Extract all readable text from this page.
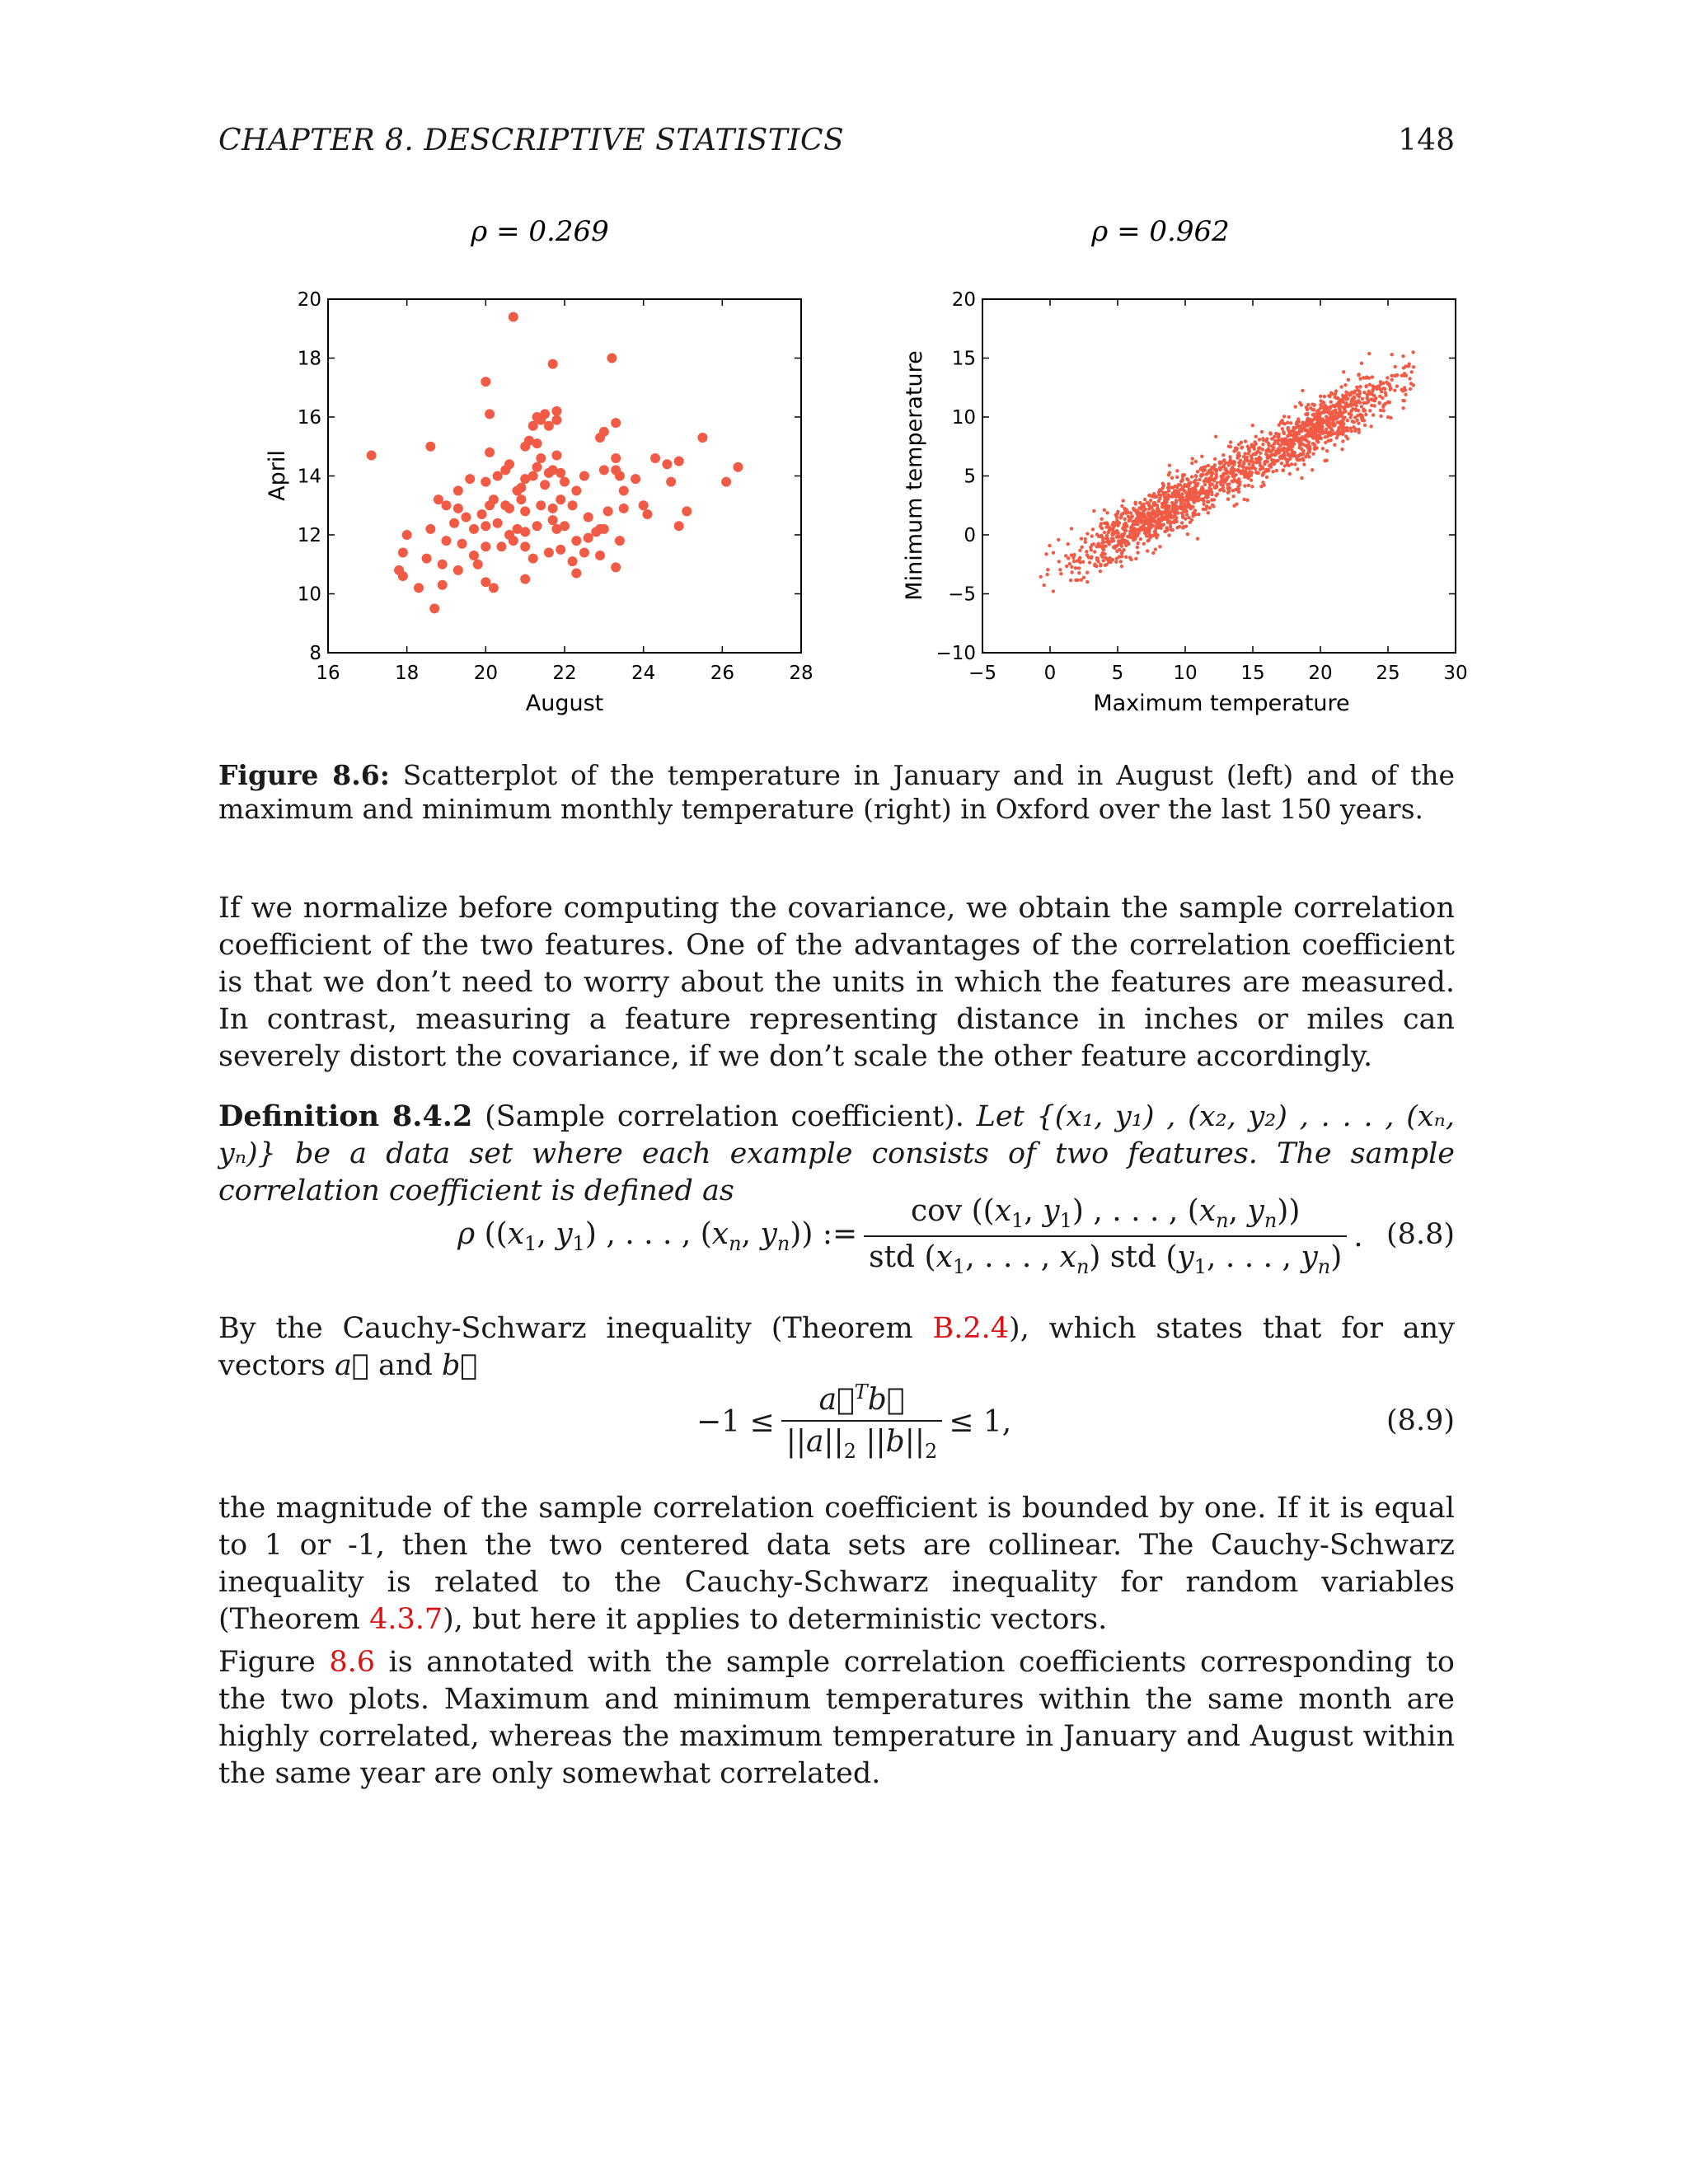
CHAPTER 8. DESCRIPTIVE STATISTICS	148
ρ = 0.269
16	18	20	22	24	26	28
8
10
12
14
16
18
20
August
April
ρ = 0.962
−5	0	5	10 15 20 25 30
−10
−5
0
5
10
15
20
Maximum temperature
Minimum temperature
Figure 8.6: Scatterplot of the temperature in January and in August (left) and of the maximum and minimum monthly temperature (right) in Oxford over the last 150 years.
If we normalize before computing the covariance, we obtain the sample correlation coefficient of the two features. One of the advantages of the correlation coefficient is that we don’t need to worry about the units in which the features are measured. In contrast, measuring a feature representing distance in inches or miles can severely distort the covariance, if we don’t scale the other feature accordingly.
Definition 8.4.2 (Sample correlation coefficient). Let {(x₁, y₁) , (x₂, y₂) , . . . , (xₙ, yₙ)} be a data set where each example consists of two features. The sample correlation coefficient is defined as
ρ (($x_1$, $y_1$) , . . . , ($x_n$, $y_n$)) := $\frac{cov ((x_1, y_1) , . . . , (x_n, y_n))}{std (x_1, . . . , x_n) std (y_1, . . . , y_n)}$ . (8.8)
By the Cauchy-Schwarz inequality (Theorem B.2.4), which states that for any vectors a⃗ and b⃗
$-1 \le \frac{a⃗^Tb⃗}{||a||_2 ||b||_2} \le 1$,	(8.9)
the magnitude of the sample correlation coefficient is bounded by one. If it is equal to 1 or -1, then the two centered data sets are collinear. The Cauchy-Schwarz inequality is related to the Cauchy-Schwarz inequality for random variables (Theorem 4.3.7), but here it applies to deterministic vectors.
Figure 8.6 is annotated with the sample correlation coefficients corresponding to the two plots. Maximum and minimum temperatures within the same month are highly correlated, whereas the maximum temperature in January and August within the same year are only somewhat correlated.
